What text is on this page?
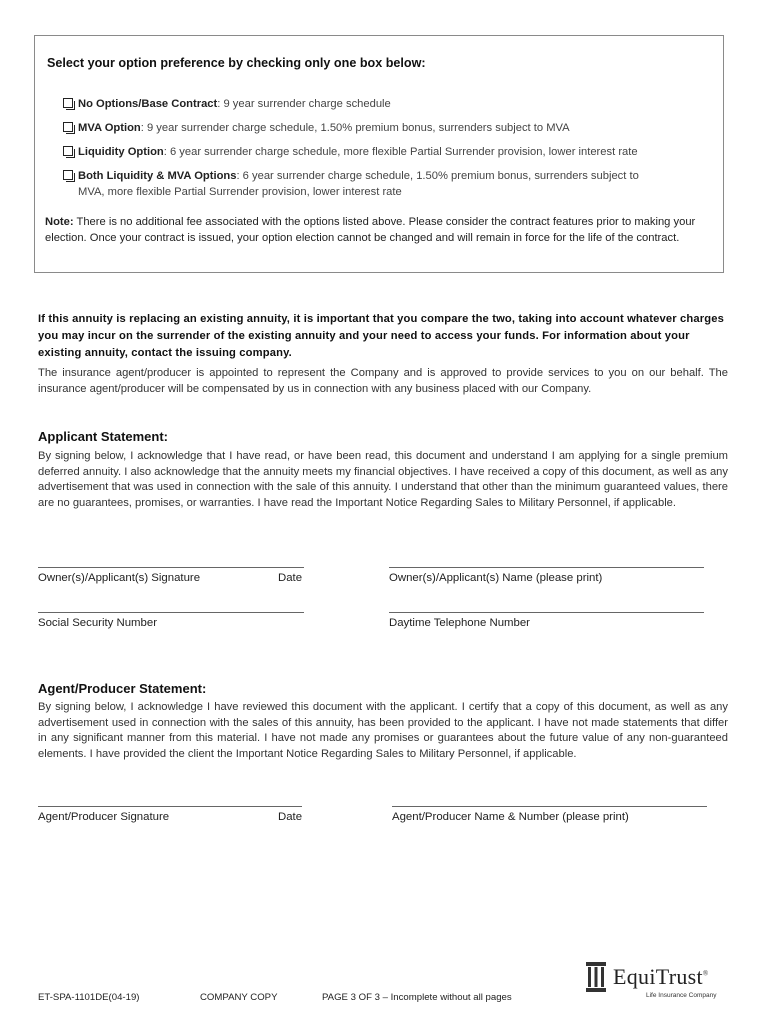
Select your option preference by checking only one box below:
No Options/Base Contract: 9 year surrender charge schedule
MVA Option: 9 year surrender charge schedule, 1.50% premium bonus, surrenders subject to MVA
Liquidity Option: 6 year surrender charge schedule, more flexible Partial Surrender provision, lower interest rate
Both Liquidity & MVA Options: 6 year surrender charge schedule, 1.50% premium bonus, surrenders subject to MVA, more flexible Partial Surrender provision, lower interest rate
Note: There is no additional fee associated with the options listed above. Please consider the contract features prior to making your election. Once your contract is issued, your option election cannot be changed and will remain in force for the life of the contract.
If this annuity is replacing an existing annuity, it is important that you compare the two, taking into account whatever charges you may incur on the surrender of the existing annuity and your need to access your funds. For information about your existing annuity, contact the issuing company.
The insurance agent/producer is appointed to represent the Company and is approved to provide services to you on our behalf. The insurance agent/producer will be compensated by us in connection with any business placed with our Company.
Applicant Statement:
By signing below, I acknowledge that I have read, or have been read, this document and understand I am applying for a single premium deferred annuity. I also acknowledge that the annuity meets my financial objectives. I have received a copy of this document, as well as any advertisement that was used in connection with the sale of this annuity. I understand that other than the minimum guaranteed values, there are no guarantees, promises, or warranties. I have read the Important Notice Regarding Sales to Military Personnel, if applicable.
Owner(s)/Applicant(s) Signature	Date	Owner(s)/Applicant(s) Name (please print)
Social Security Number	Daytime Telephone Number
Agent/Producer Statement:
By signing below, I acknowledge I have reviewed this document with the applicant. I certify that a copy of this document, as well as any advertisement used in connection with the sales of this annuity, has been provided to the applicant. I have not made statements that differ in any significant manner from this material. I have not made any promises or guarantees about the future value of any non-guaranteed elements. I have provided the client the Important Notice Regarding Sales to Military Personnel, if applicable.
Agent/Producer Signature	Date	Agent/Producer Name & Number (please print)
ET-SPA-1101DE(04-19)	COMPANY COPY	PAGE 3 OF 3 – Incomplete without all pages
EquiTrust®
Life Insurance Company
